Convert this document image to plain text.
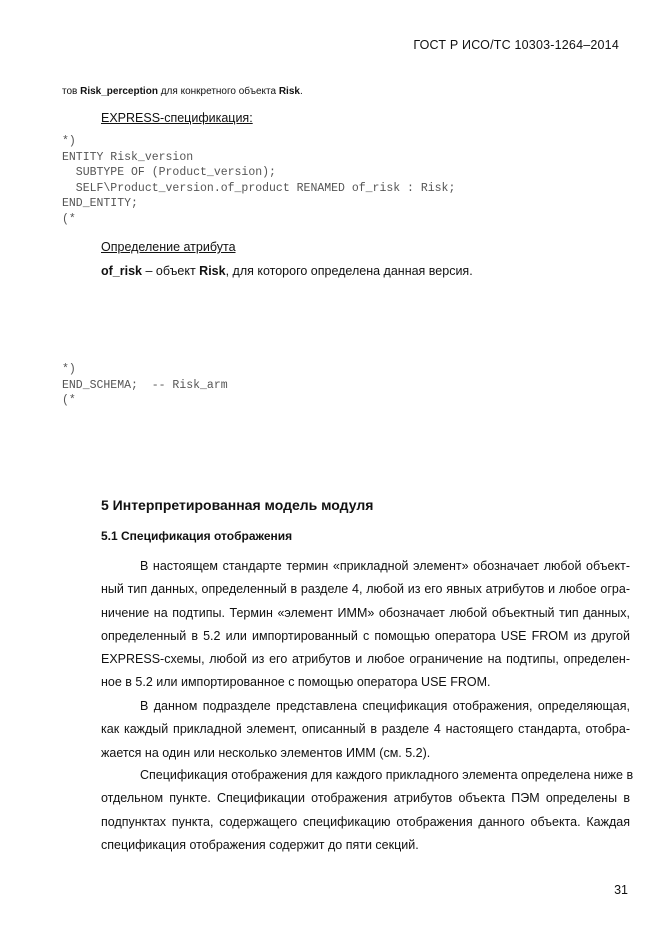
ГОСТ Р ИСО/ТС 10303-1264–2014
тов Risk_perception для конкретного объекта Risk.
EXPRESS-спецификация:
*)
ENTITY Risk_version
SUBTYPE OF (Product_version);
SELF\Product_version.of_product RENAMED of_risk : Risk;
END_ENTITY;
(*
Определение атрибута
of_risk – объект Risk, для которого определена данная версия.
*)
END_SCHEMA;  -- Risk_arm
(*
5 Интерпретированная модель модуля
5.1 Спецификация отображения
В настоящем стандарте термин «прикладной элемент» обозначает любой объект-
ный тип данных, определенный в разделе 4, любой из его явных атрибутов и любое огра-
ничение на подтипы. Термин «элемент ИММ» обозначает любой объектный тип данных,
определенный в 5.2 или импортированный с помощью оператора USE FROM из другой
EXPRESS-схемы, любой из его атрибутов и любое ограничение на подтипы, определен-
ное в 5.2 или импортированное с помощью оператора USE FROM.
В данном подразделе представлена спецификация отображения, определяющая,
как каждый прикладной элемент, описанный в разделе 4 настоящего стандарта, отобра-
жается на один или несколько элементов ИММ (см. 5.2).
Спецификация отображения для каждого прикладного элемента определена ниже в
отдельном пункте. Спецификации отображения атрибутов объекта ПЭМ определены в
подпунктах пункта, содержащего спецификацию отображения данного объекта. Каждая
спецификация отображения содержит до пяти секций.
31
